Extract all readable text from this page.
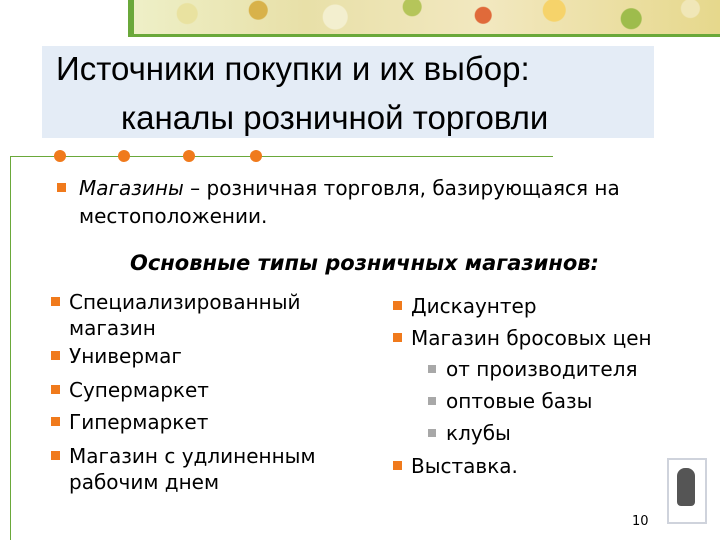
Источники покупки и их выбор:
каналы розничной торговли
Магазины – розничная торговля, базирующаяся на
местоположении.
Основные типы розничных магазинов:
Специализированный
магазин
Универмаг
Супермаркет
Гипермаркет
Магазин с удлиненным
рабочим днем
Дискаунтер
Магазин бросовых цен
от производителя
оптовые базы
клубы
Выставка.
10
